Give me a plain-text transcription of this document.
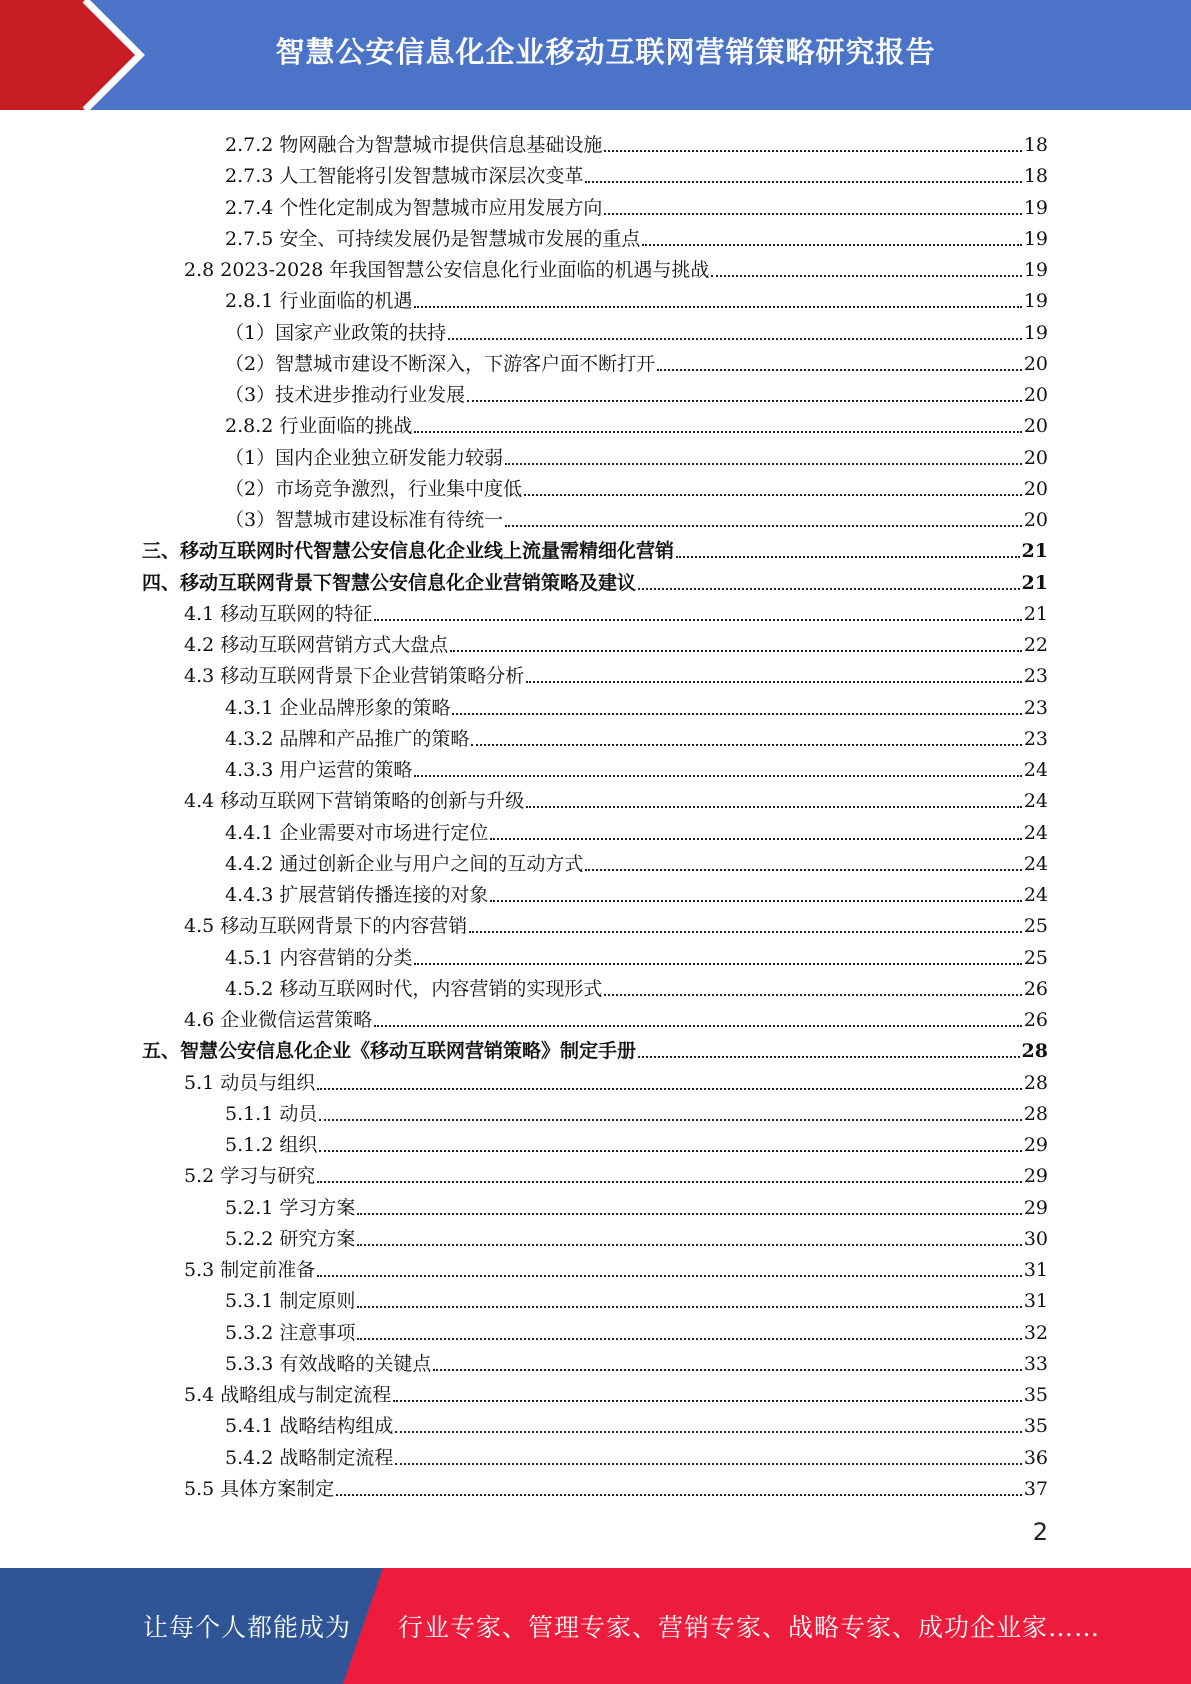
智慧公安信息化企业移动互联网营销策略研究报告
2.7.2 物网融合为智慧城市提供信息基础设施	18
2.7.3 人工智能将引发智慧城市深层次变革	18
2.7.4 个性化定制成为智慧城市应用发展方向	19
2.7.5 安全、可持续发展仍是智慧城市发展的重点	19
2.8 2023-2028 年我国智慧公安信息化行业面临的机遇与挑战	19
2.8.1 行业面临的机遇	19
（1）国家产业政策的扶持	19
（2）智慧城市建设不断深入，下游客户面不断打开	20
（3）技术进步推动行业发展	20
2.8.2 行业面临的挑战	20
（1）国内企业独立研发能力较弱	20
（2）市场竞争激烈，行业集中度低	20
（3）智慧城市建设标准有待统一	20
三、移动互联网时代智慧公安信息化企业线上流量需精细化营销	21
四、移动互联网背景下智慧公安信息化企业营销策略及建议	21
4.1 移动互联网的特征	21
4.2 移动互联网营销方式大盘点	22
4.3 移动互联网背景下企业营销策略分析	23
4.3.1 企业品牌形象的策略	23
4.3.2 品牌和产品推广的策略	23
4.3.3 用户运营的策略	24
4.4 移动互联网下营销策略的创新与升级	24
4.4.1 企业需要对市场进行定位	24
4.4.2 通过创新企业与用户之间的互动方式	24
4.4.3 扩展营销传播连接的对象	24
4.5 移动互联网背景下的内容营销	25
4.5.1 内容营销的分类	25
4.5.2 移动互联网时代，内容营销的实现形式	26
4.6 企业微信运营策略	26
五、智慧公安信息化企业《移动互联网营销策略》制定手册	28
5.1 动员与组织	28
5.1.1 动员	28
5.1.2 组织	29
5.2 学习与研究	29
5.2.1 学习方案	29
5.2.2 研究方案	30
5.3 制定前准备	31
5.3.1 制定原则	31
5.3.2 注意事项	32
5.3.3 有效战略的关键点	33
5.4 战略组成与制定流程	35
5.4.1 战略结构组成	35
5.4.2 战略制定流程	36
5.5 具体方案制定	37
2
让每个人都能成为 行业专家、管理专家、营销专家、战略专家、成功企业家……
